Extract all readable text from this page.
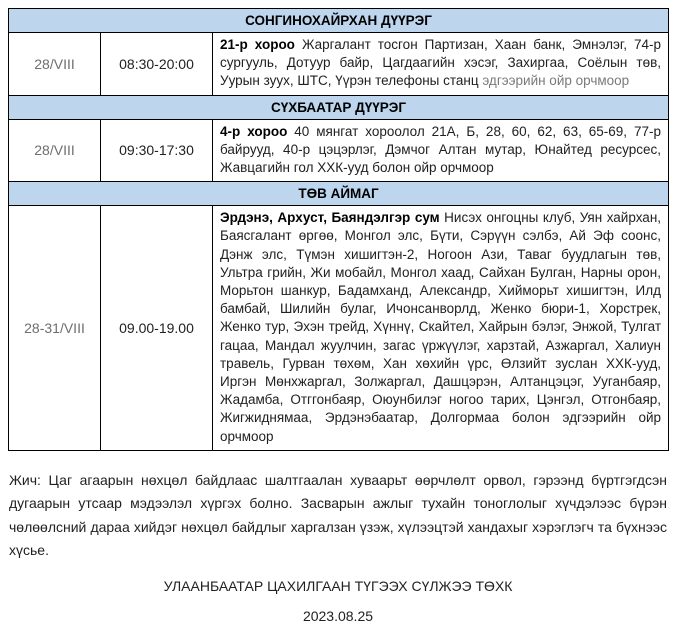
СОНГИНОХАЙРХАН ДҮҮРЭГ		
28/VIII	08:30-20:00	21-р хороо Жаргалант тосгон Партизан, Хаан банк, Эмнэлэг, 74-р сургууль, Дотуур байр, Цагдаагийн хэсэг, Захиргаа, Соёлын төв, Уурын зуух, ШТС, Үүрэн телефоны станц эдгээрийн ойр орчмоор
СҮХБААТАР ДҮҮРЭГ		
28/VIII	09:30-17:30	4-р хороо 40 мянгат хороолол 21А, Б, 28, 60, 62, 63, 65-69, 77-р байрууд, 40-р цэцэрлэг, Дэмчог Алтан мутар, Юнайтед ресурсес, Жавцагийн гол ХХК-ууд болон ойр орчмоор
ТӨВ АЙМАГ		
28-31/VIII	09.00-19.00	Эрдэнэ, Архуст, Баяндэлгэр сум Нисэх онгоцны клуб, Уян хайрхан, Баясгалант өргөө, Монгол элс, Бүти, Сэрүүн сэлбэ, Ай Эф соонс, Дэнж элс, Түмэн хишигтэн-2, Ногоон Ази, Таваг буудлагын төв, Ультра грийн, Жи мобайл, Монгол хаад, Сайхан Булган, Нарны орон, Морьтон шанкур, Бадамханд, Александр, Хийморьт хишигтэн, Илд бамбай, Шилийн булаг, Ичонсанворлд, Женко бюри-1, Хорстрек, Женко тур, Эхэн трейд, Хүннү, Скайтел, Хайрын бэлэг, Энжой, Тулгат гацаа, Мандал жуулчин, загас үржүүлэг, харзтай, Азжаргал, Халиун травель, Гурван төхөм, Хан хөхийн үрс, Өлзийт зуслан ХХК-ууд, Иргэн Мөнхжаргал, Золжаргал, Дашцэрэн, Алтанцэцэг, Ууганбаяр, Жадамба, Отггонбаяр, Оюунбилэг ногоо тарих, Цэнгэл, Отгонбаяр, Жигжиднямаа, Эрдэнэбаатар, Долгормаа болон эдгээрийн ойр орчмоор

Жич: Цаг агаарын нөхцөл байдлаас шалтгаалан хуваарьт өөрчлөлт орвол, гэрээнд бүртгэгдсэн дугаарын утсаар мэдээлэл хүргэх болно. Засварын ажлыг тухайн тоноглолыг хүчдэлээс бүрэн чөлөөлсний дараа хийдэг нөхцөл байдлыг харгалзан үзэж, хүлээцтэй хандахыг хэрэглэгч та бүхнээс хүсье.

УЛААНБААТАР ЦАХИЛГААН ТҮГЭЭХ СҮЛЖЭЭ ТӨХК
2023.08.25
